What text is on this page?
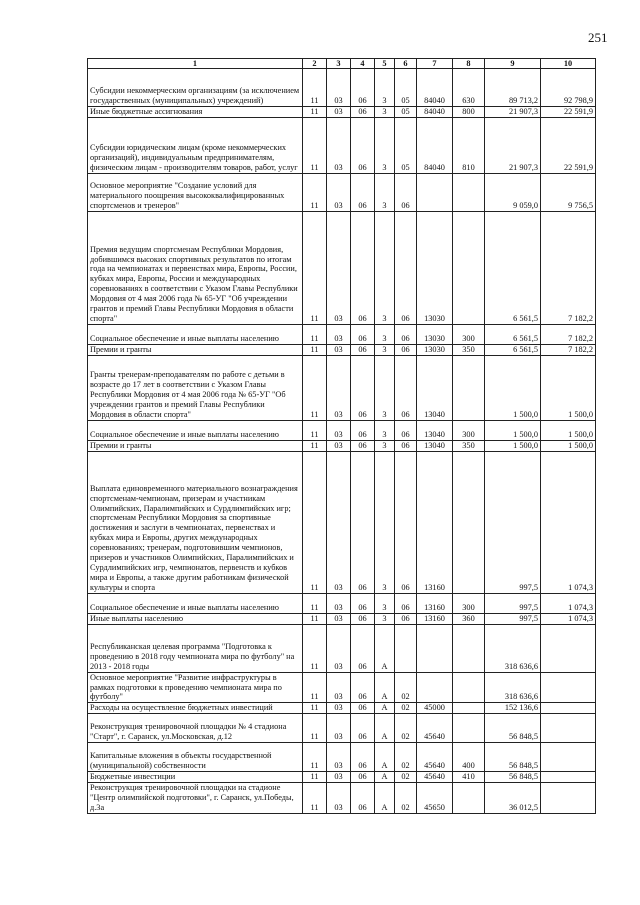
251
1	2	3	4	5	6	7	8	9	10
Субсидии некоммерческим организациям (за исключением государственных (муниципальных) учреждений)	11	03	06	3	05	84040	630	89 713,2	92 798,9
Иные бюджетные ассигнования	11	03	06	3	05	84040	800	21 907,3	22 591,9
Субсидии юридическим лицам (кроме некоммерческих организаций), индивидуальным предпринимателям, физическим лицам - производителям товаров, работ, услуг	11	03	06	3	05	84040	810	21 907,3	22 591,9
Основное мероприятие "Создание условий для материального поощрения высококвалифицированных спортсменов и тренеров"	11	03	06	3	06			9 059,0	9 756,5
Премия ведущим спортсменам Республики Мордовия, добившимся высоких спортивных результатов по итогам года на чемпионатах и первенствах мира, Европы, России, кубках мира, Европы, России и международных соревнованиях в соответствии с Указом Главы Республики Мордовия от 4 мая 2006 года № 65-УГ "Об учреждении грантов и премий Главы Республики Мордовия в области спорта"	11	03	06	3	06	13030		6 561,5	7 182,2
Социальное обеспечение и иные выплаты населению	11	03	06	3	06	13030	300	6 561,5	7 182,2
Премии и гранты	11	03	06	3	06	13030	350	6 561,5	7 182,2
Гранты тренерам-преподавателям по работе с детьми в возрасте до 17 лет в соответствии с Указом Главы Республики Мордовия от 4 мая 2006 года № 65-УГ "Об учреждении грантов и премий Главы Республики Мордовия в области спорта"	11	03	06	3	06	13040		1 500,0	1 500,0
Социальное обеспечение и иные выплаты населению	11	03	06	3	06	13040	300	1 500,0	1 500,0
Премии и гранты	11	03	06	3	06	13040	350	1 500,0	1 500,0
Выплата единовременного материального вознаграждения спортсменам-чемпионам, призерам и участникам Олимпийских, Паралимпийских и Сурдлимпийских игр; спортсменам Республики Мордовия за спортивные достижения и заслуги в чемпионатах, первенствах и кубках мира и Европы, других международных соревнованиях; тренерам, подготовившим чемпионов, призеров и участников Олимпийских, Паралимпийских и Сурдлимпийских игр, чемпионатов, первенств и кубков мира и Европы, а также другим работникам физической культуры и спорта	11	03	06	3	06	13160		997,5	1 074,3
Социальное обеспечение и иные выплаты населению	11	03	06	3	06	13160	300	997,5	1 074,3
Иные выплаты населению	11	03	06	3	06	13160	360	997,5	1 074,3
Республиканская целевая программа "Подготовка к проведению в 2018 году чемпионата мира по футболу" на 2013 - 2018 годы	11	03	06	А				318 636,6	
Основное мероприятие "Развитие инфраструктуры в рамках подготовки к проведению чемпионата мира по футболу"	11	03	06	А	02			318 636,6	
Расходы на осуществление бюджетных инвестиций	11	03	06	А	02	45000		152 136,6	
Реконструкция тренировочной площадки № 4 стадиона "Старт", г. Саранск, ул.Московская, д.12	11	03	06	А	02	45640		56 848,5	
Капитальные вложения в объекты государственной (муниципальной) собственности	11	03	06	А	02	45640	400	56 848,5	
Бюджетные инвестиции	11	03	06	А	02	45640	410	56 848,5	
Реконструкция тренировочной площадки на стадионе "Центр олимпийской подготовки", г. Саранск, ул.Победы, д.3а	11	03	06	А	02	45650		36 012,5	
